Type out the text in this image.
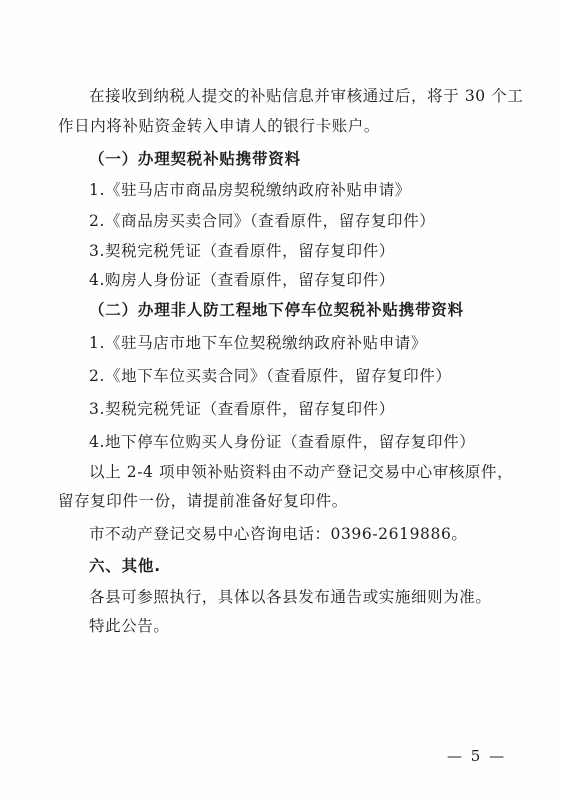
在接收到纳税人提交的补贴信息并审核通过后，将于 30 个工
作日内将补贴资金转入申请人的银行卡账户。
（一）办理契税补贴携带资料
1.《驻马店市商品房契税缴纳政府补贴申请》
2.《商品房买卖合同》（查看原件，留存复印件）
3.契税完税凭证（查看原件，留存复印件）
4.购房人身份证（查看原件，留存复印件）
（二）办理非人防工程地下停车位契税补贴携带资料
1.《驻马店市地下车位契税缴纳政府补贴申请》
2.《地下车位买卖合同》（查看原件，留存复印件）
3.契税完税凭证（查看原件，留存复印件）
4.地下停车位购买人身份证（查看原件，留存复印件）
以上 2-4 项申领补贴资料由不动产登记交易中心审核原件，
留存复印件一份，请提前准备好复印件。
市不动产登记交易中心咨询电话：0396-2619886。
六、其他.
各县可参照执行，具体以各县发布通告或实施细则为准。
特此公告。
— 5 —
